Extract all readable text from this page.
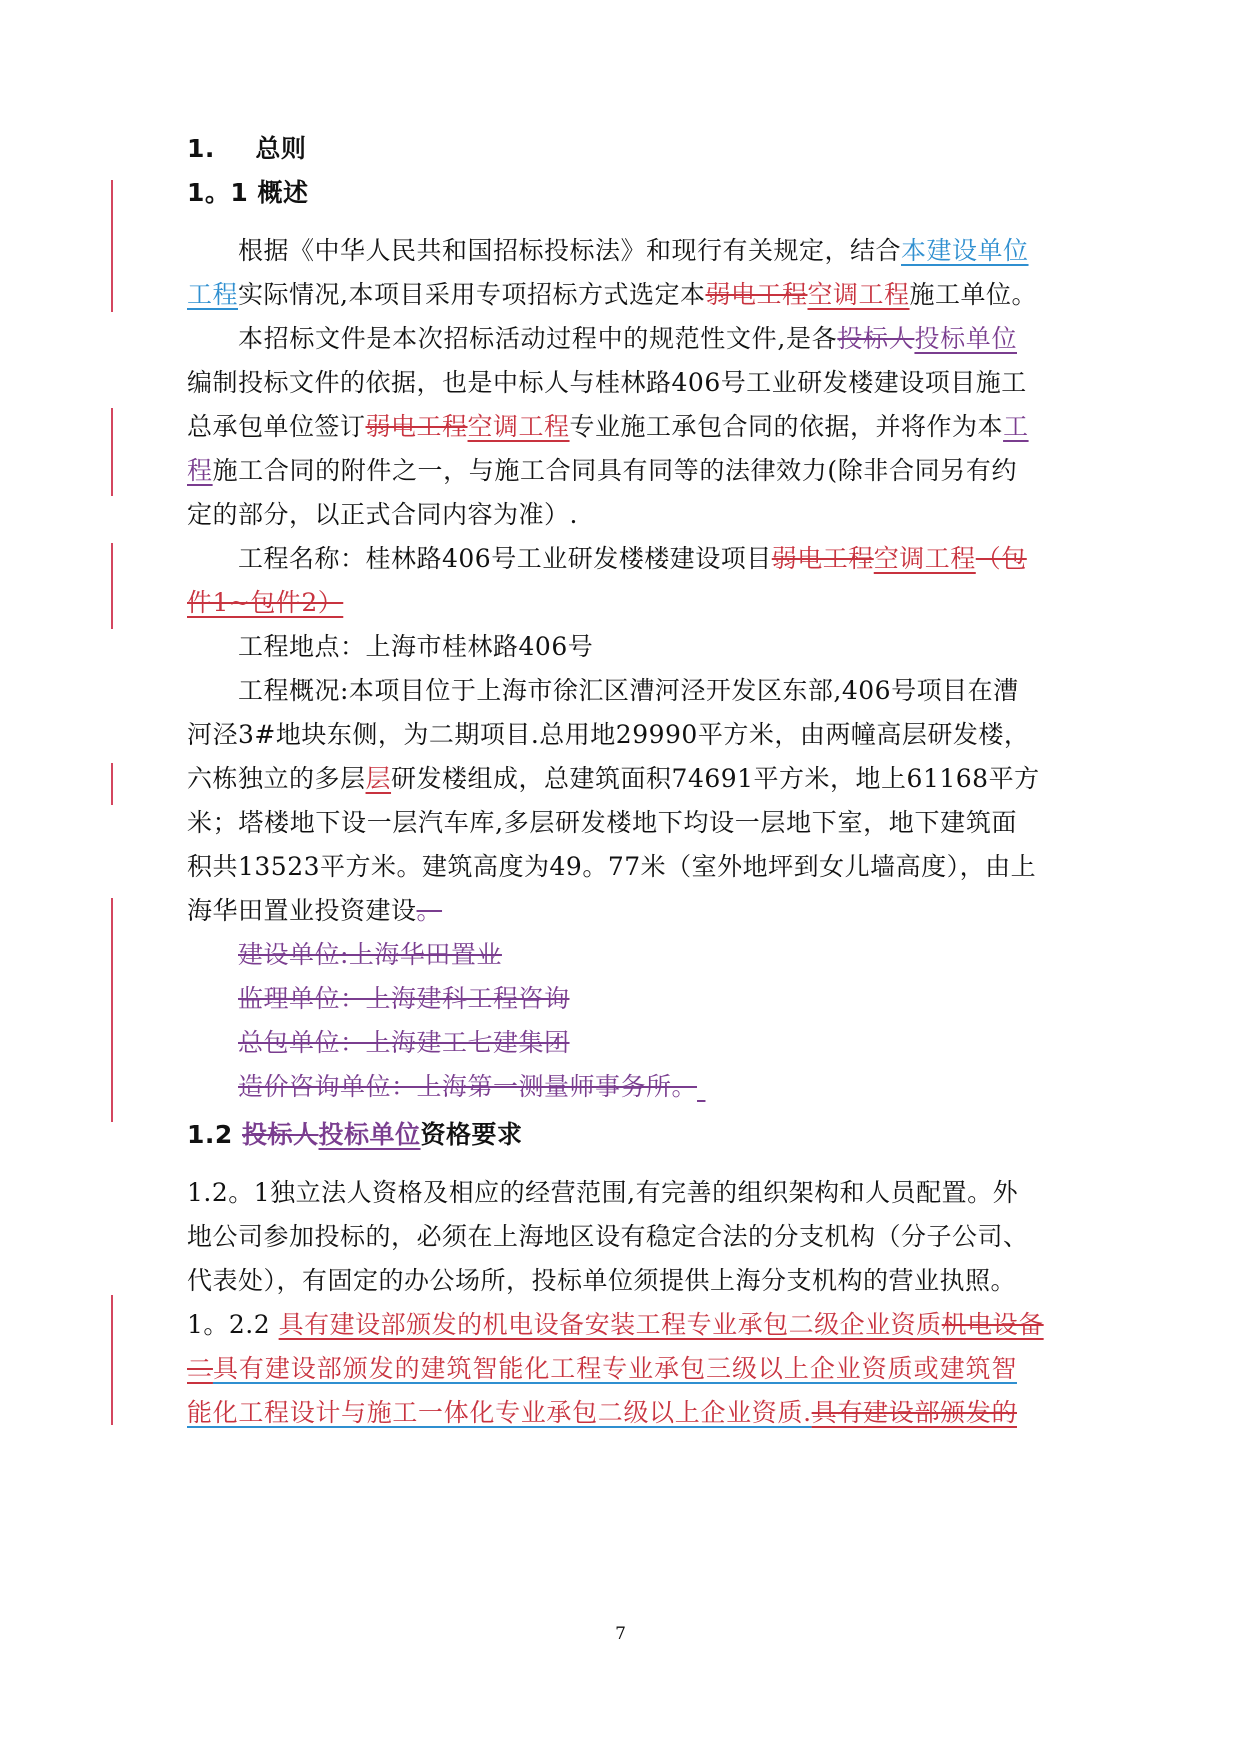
1. 总则
1。1 概述
根据《中华人民共和国招标投标法》和现行有关规定，结合本建设单位
工程实际情况,本项目采用专项招标方式选定本弱电工程空调工程施工单位。
本招标文件是本次招标活动过程中的规范性文件,是各投标人投标单位
编制投标文件的依据，也是中标人与桂林路406号工业研发楼建设项目施工
总承包单位签订弱电工程空调工程专业施工承包合同的依据，并将作为本工
程施工合同的附件之一，与施工合同具有同等的法律效力(除非合同另有约
定的部分，以正式合同内容为准）.
工程名称：桂林路406号工业研发楼楼建设项目弱电工程空调工程（包
件1~包件2）
工程地点：上海市桂林路406号
工程概况:本项目位于上海市徐汇区漕河泾开发区东部,406号项目在漕
河泾3#地块东侧，为二期项目.总用地29990平方米，由两幢高层研发楼，
六栋独立的多层层研发楼组成，总建筑面积74691平方米，地上61168平方
米；塔楼地下设一层汽车库,多层研发楼地下均设一层地下室，地下建筑面
积共13523平方米。建筑高度为49。77米（室外地坪到女儿墙高度），由上
海华田置业投资建设。
建设单位:上海华田置业
监理单位：上海建科工程咨询
总包单位：上海建工七建集团
造价咨询单位：上海第一测量师事务所。
1.2 投标人投标单位资格要求
1.2。1独立法人资格及相应的经营范围,有完善的组织架构和人员配置。外
地公司参加投标的，必须在上海地区设有稳定合法的分支机构（分子公司、
代表处），有固定的办公场所，投标单位须提供上海分支机构的营业执照。
1。2.2 具有建设部颁发的机电设备安装工程专业承包二级企业资质机电设备
二具有建设部颁发的建筑智能化工程专业承包三级以上企业资质或建筑智
能化工程设计与施工一体化专业承包二级以上企业资质.具有建设部颁发的
7
